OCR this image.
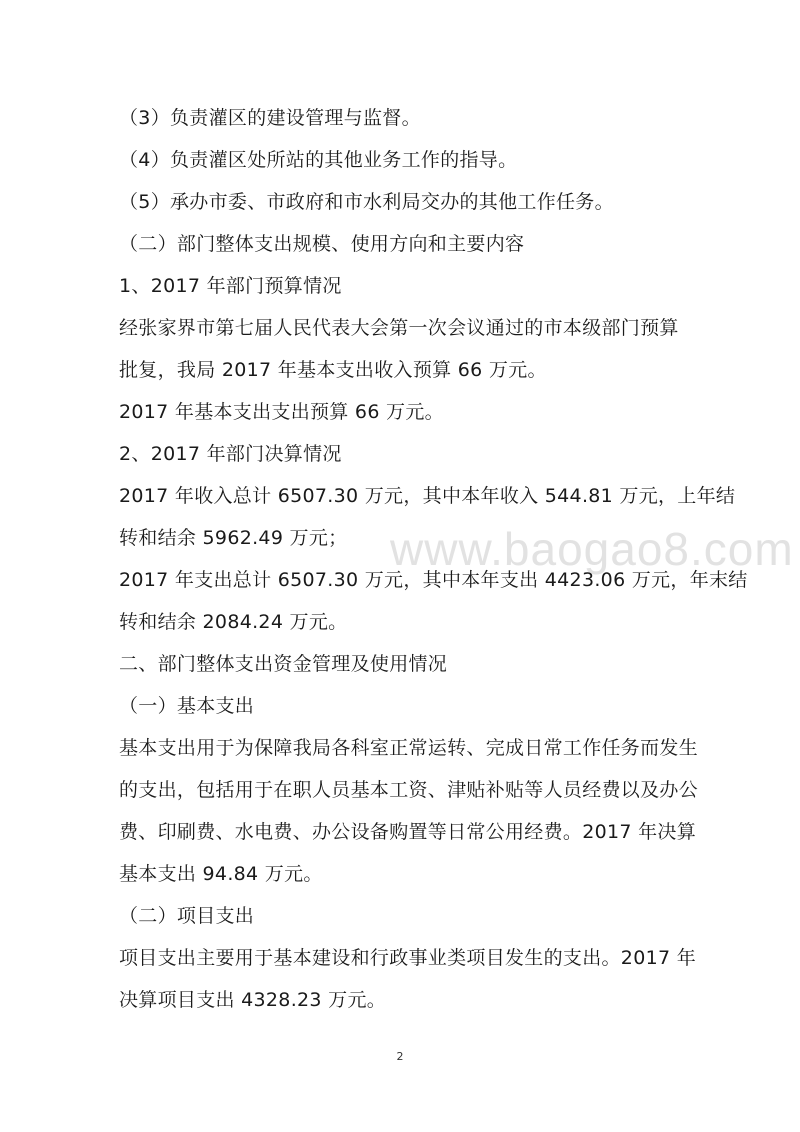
www.baogao8.com
（3）负责灌区的建设管理与监督。
（4）负责灌区处所站的其他业务工作的指导。
（5）承办市委、市政府和市水利局交办的其他工作任务。
（二）部门整体支出规模、使用方向和主要内容
1、2017 年部门预算情况
经张家界市第七届人民代表大会第一次会议通过的市本级部门预算
批复，我局 2017 年基本支出收入预算 66 万元。
2017 年基本支出支出预算 66 万元。
2、2017 年部门决算情况
2017 年收入总计 6507.30 万元，其中本年收入 544.81 万元，上年结
转和结余 5962.49 万元；
2017 年支出总计 6507.30 万元，其中本年支出 4423.06 万元，年末结
转和结余 2084.24 万元。
二、部门整体支出资金管理及使用情况
（一）基本支出
基本支出用于为保障我局各科室正常运转、完成日常工作任务而发生
的支出，包括用于在职人员基本工资、津贴补贴等人员经费以及办公
费、印刷费、水电费、办公设备购置等日常公用经费。2017 年决算
基本支出 94.84 万元。
（二）项目支出
项目支出主要用于基本建设和行政事业类项目发生的支出。2017 年
决算项目支出 4328.23 万元。
2
